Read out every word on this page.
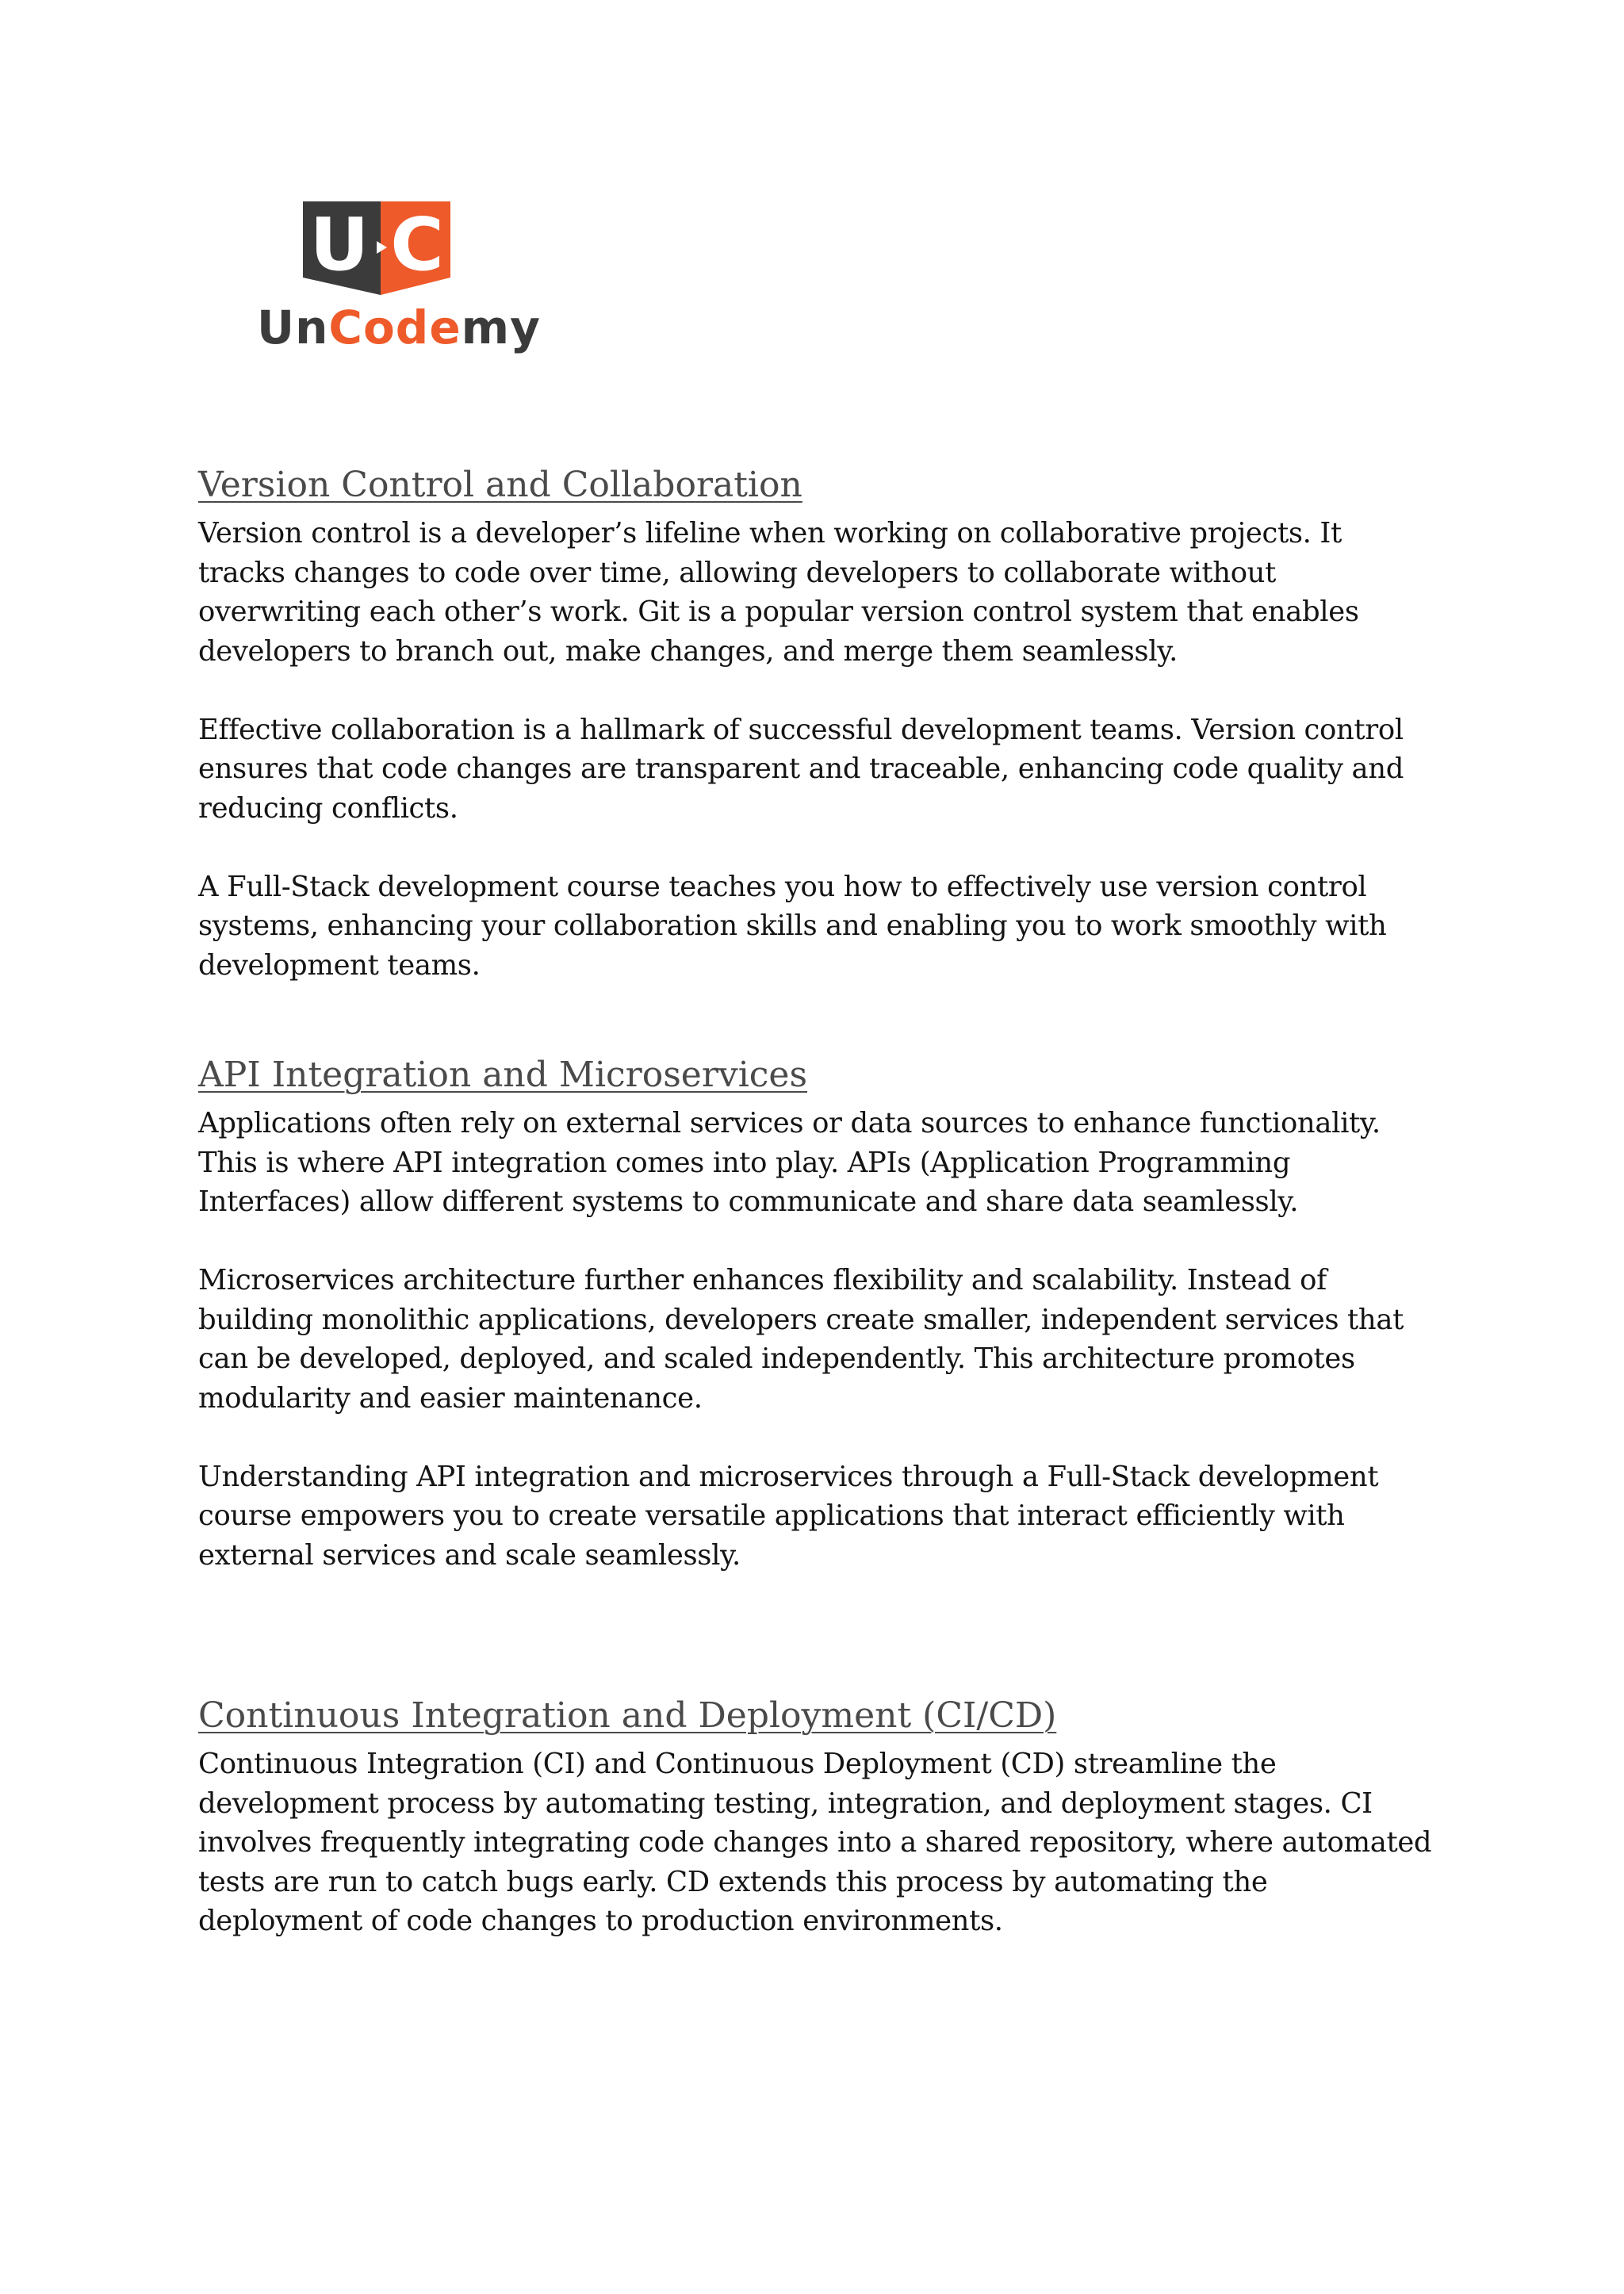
U C
UnCodemy
Version Control and Collaboration

Version control is a developer’s lifeline when working on collaborative projects. It tracks changes to code over time, allowing developers to collaborate without overwriting each other’s work. Git is a popular version control system that enables developers to branch out, make changes, and merge them seamlessly.

Effective collaboration is a hallmark of successful development teams. Version control ensures that code changes are transparent and traceable, enhancing code quality and reducing conflicts.

A Full-Stack development course teaches you how to effectively use version control systems, enhancing your collaboration skills and enabling you to work smoothly with development teams.

API Integration and Microservices

Applications often rely on external services or data sources to enhance functionality. This is where API integration comes into play. APIs (Application Programming Interfaces) allow different systems to communicate and share data seamlessly.

Microservices architecture further enhances flexibility and scalability. Instead of building monolithic applications, developers create smaller, independent services that can be developed, deployed, and scaled independently. This architecture promotes modularity and easier maintenance.

Understanding API integration and microservices through a Full-Stack development course empowers you to create versatile applications that interact efficiently with external services and scale seamlessly.

Continuous Integration and Deployment (CI/CD)

Continuous Integration (CI) and Continuous Deployment (CD) streamline the development process by automating testing, integration, and deployment stages. CI involves frequently integrating code changes into a shared repository, where automated tests are run to catch bugs early. CD extends this process by automating the deployment of code changes to production environments.
